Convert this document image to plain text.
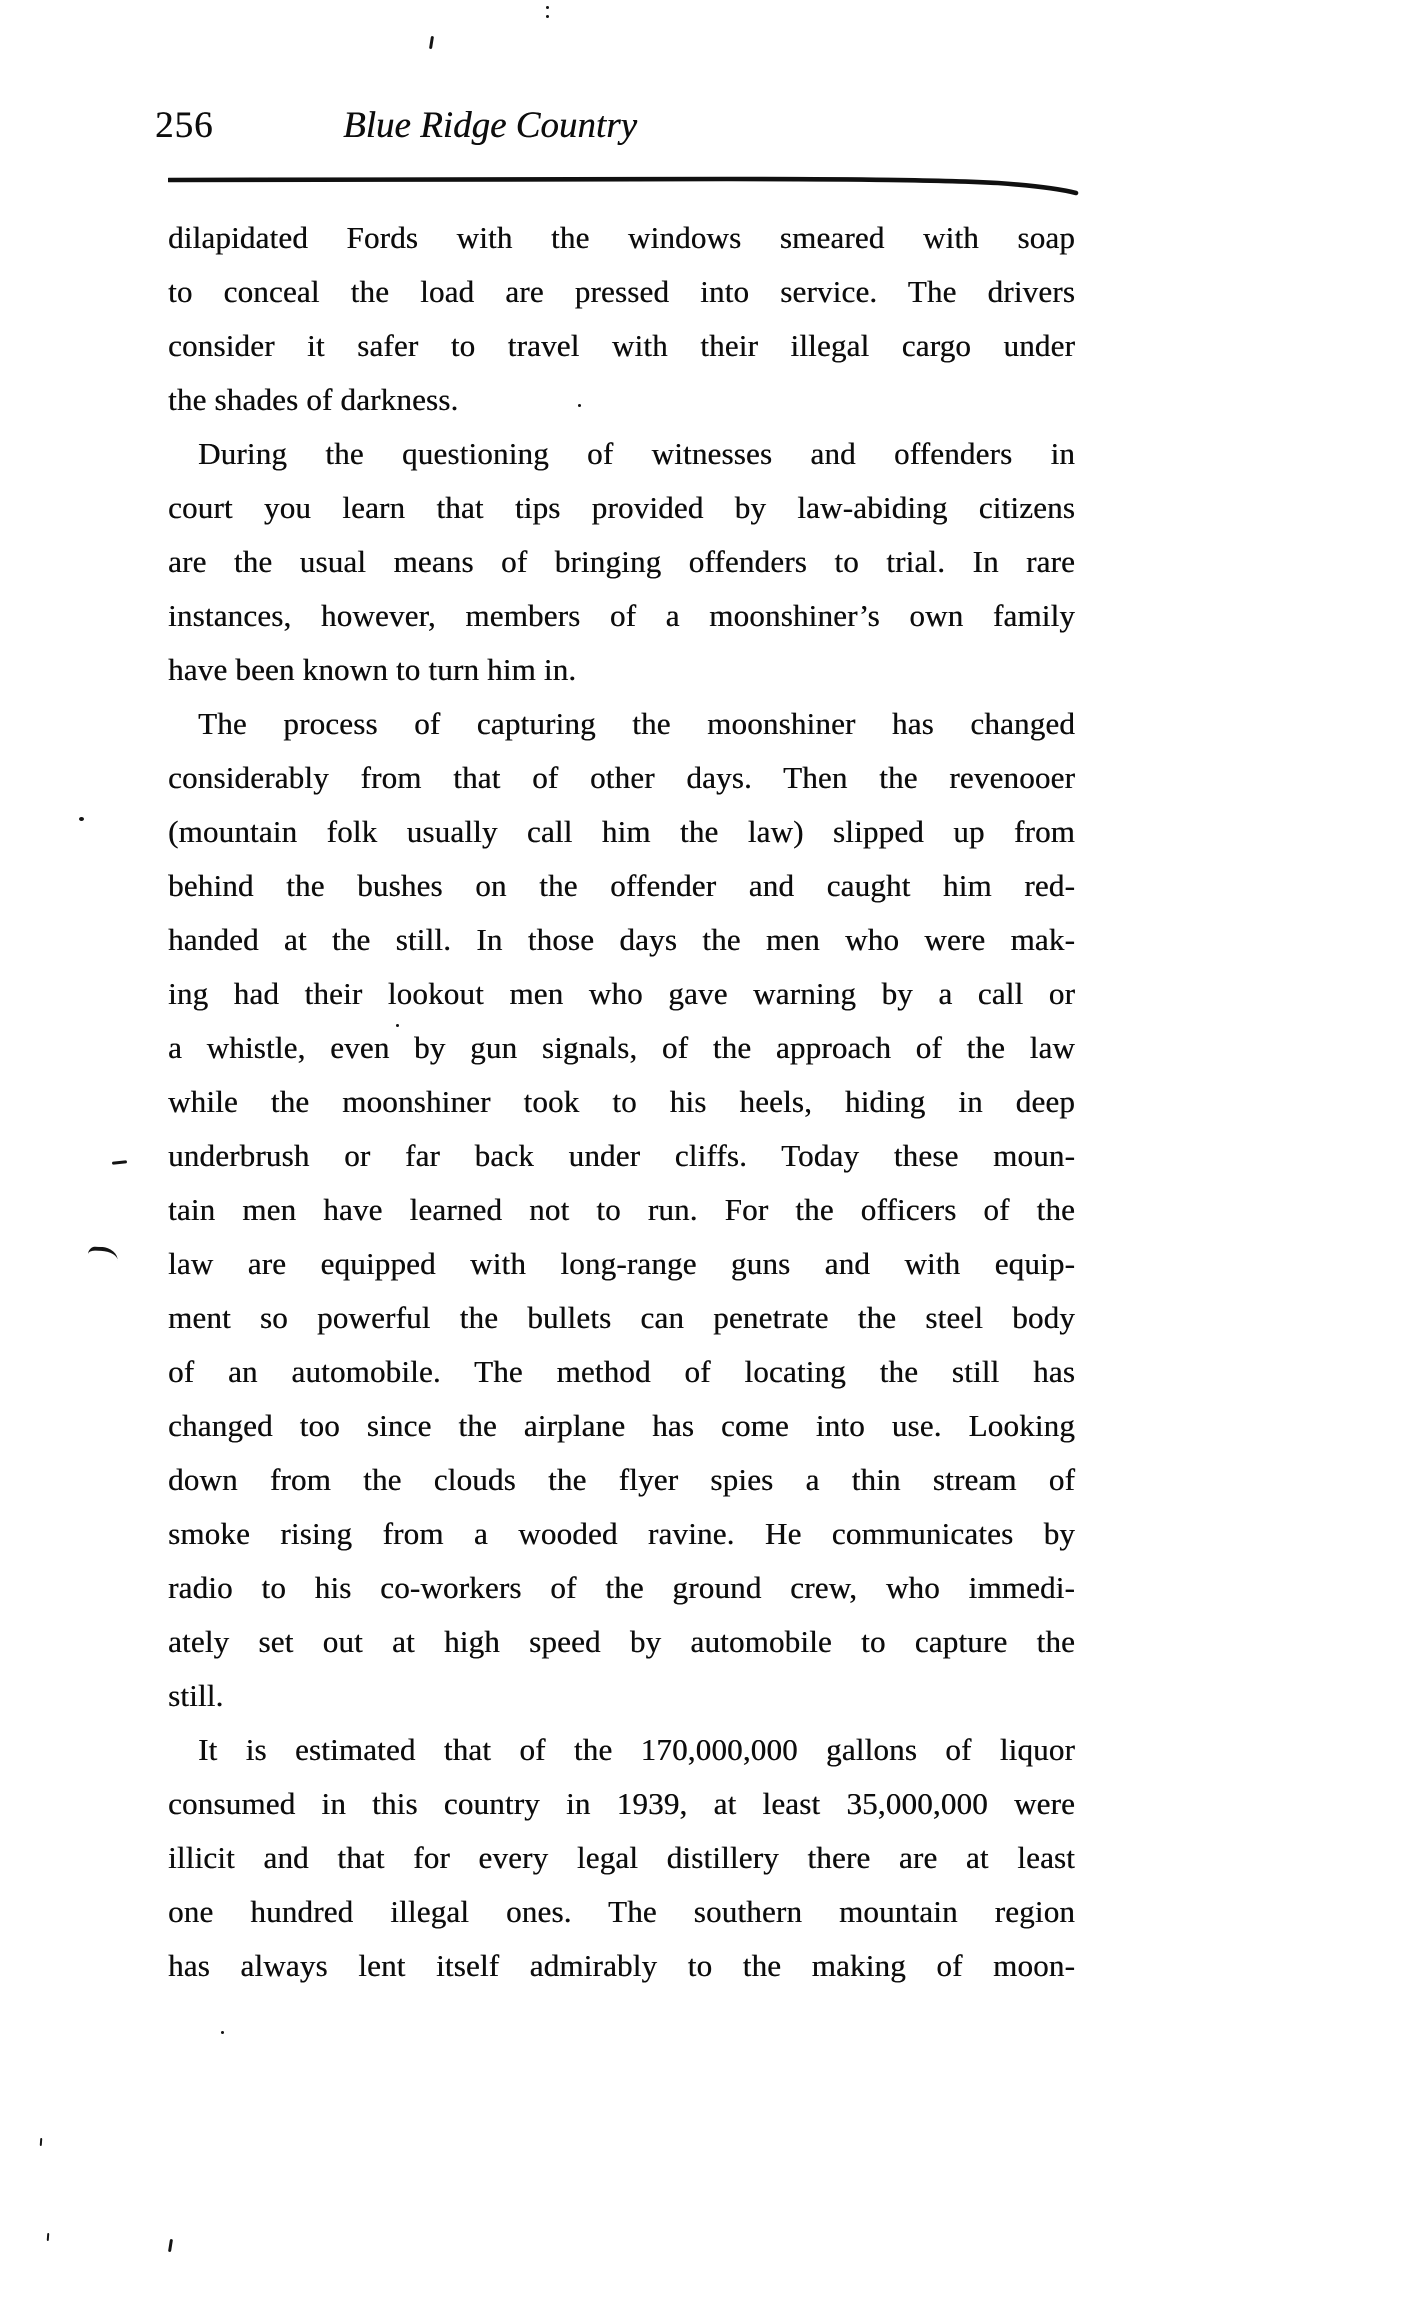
256	Blue Ridge Country
dilapidated Fords with the windows smeared with soap
to conceal the load are pressed into service. The drivers
consider it safer to travel with their illegal cargo under
the shades of darkness.
During the questioning of witnesses and offenders in
court you learn that tips provided by law-abiding citizens
are the usual means of bringing offenders to trial. In rare
instances, however, members of a moonshiner’s own family
have been known to turn him in.
The process of capturing the moonshiner has changed
considerably from that of other days. Then the revenooer
(mountain folk usually call him the law) slipped up from
behind the bushes on the offender and caught him red-
handed at the still. In those days the men who were mak-
ing had their lookout men who gave warning by a call or
a whistle, even by gun signals, of the approach of the law
while the moonshiner took to his heels, hiding in deep
underbrush or far back under cliffs. Today these moun-
tain men have learned not to run. For the officers of the
law are equipped with long-range guns and with equip-
ment so powerful the bullets can penetrate the steel body
of an automobile. The method of locating the still has
changed too since the airplane has come into use. Looking
down from the clouds the flyer spies a thin stream of
smoke rising from a wooded ravine. He communicates by
radio to his co-workers of the ground crew, who immedi-
ately set out at high speed by automobile to capture the
still.
It is estimated that of the 170,000,000 gallons of liquor
consumed in this country in 1939, at least 35,000,000 were
illicit and that for every legal distillery there are at least
one hundred illegal ones. The southern mountain region
has always lent itself admirably to the making of moon-
